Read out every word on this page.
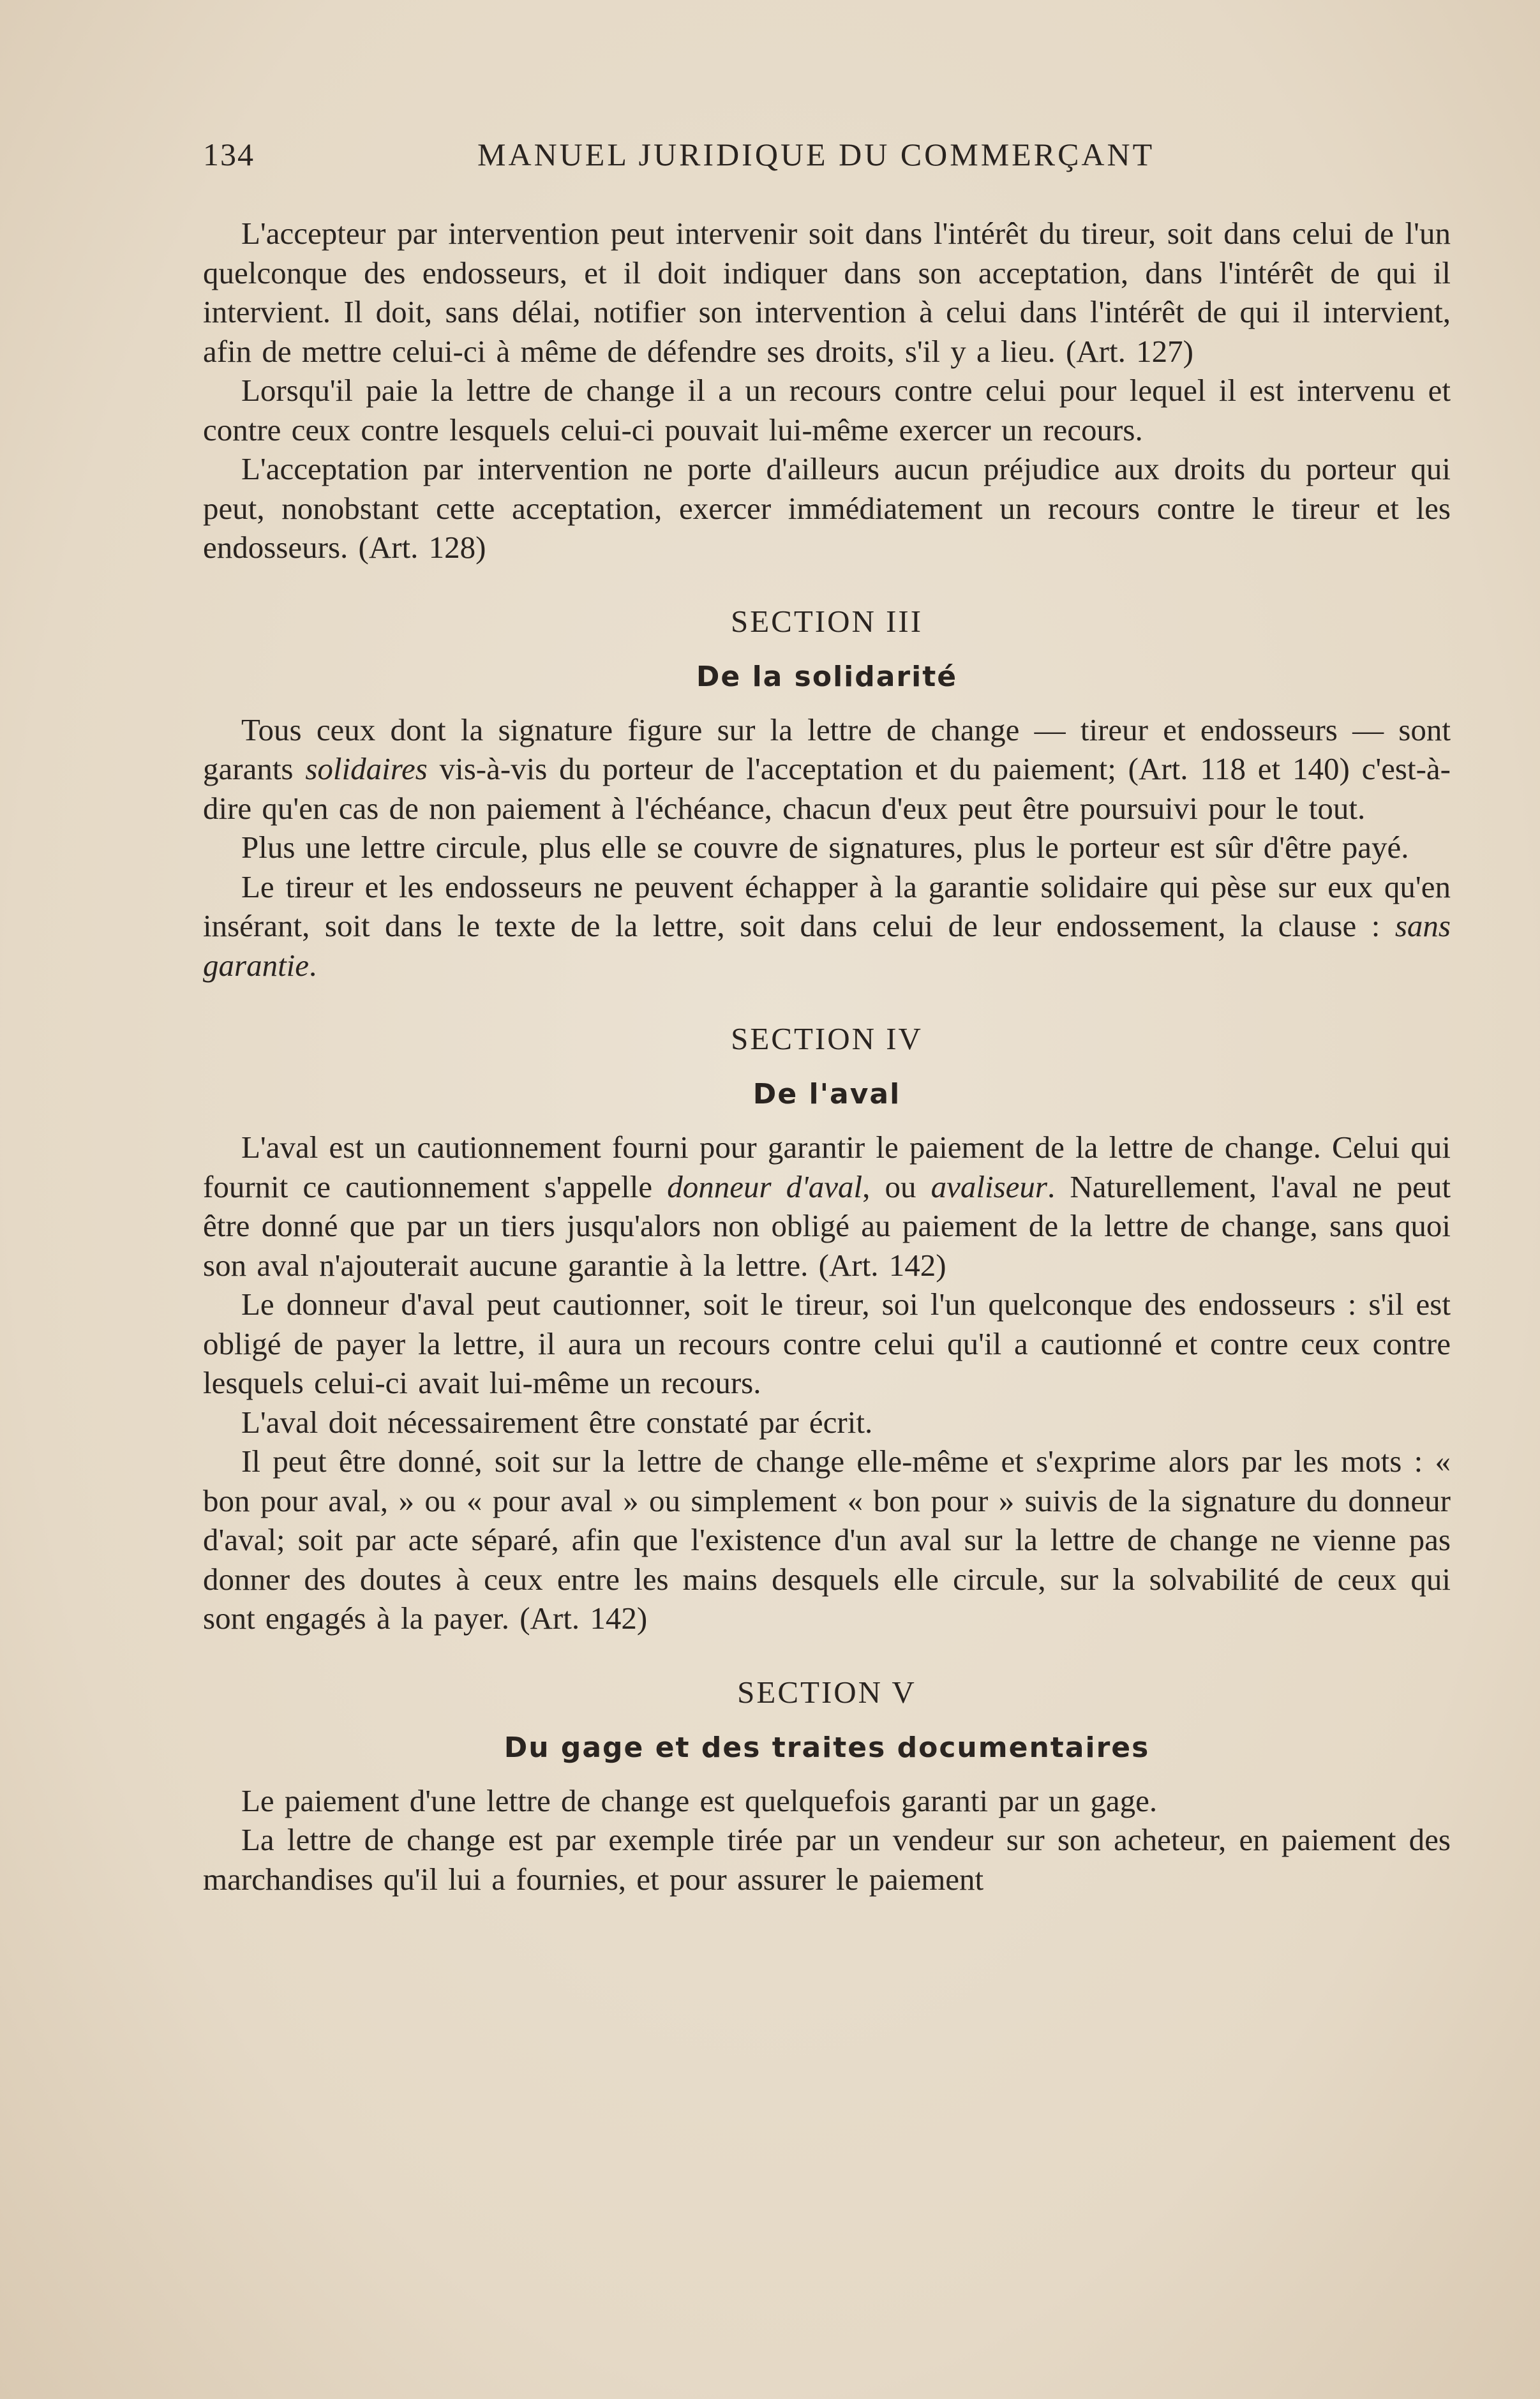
134	MANUEL JURIDIQUE DU COMMERÇANT

L'accepteur par intervention peut intervenir soit dans l'intérêt du tireur, soit dans celui de l'un quelconque des endosseurs, et il doit indiquer dans son acceptation, dans l'intérêt de qui il intervient. Il doit, sans délai, notifier son intervention à celui dans l'intérêt de qui il intervient, afin de mettre celui-ci à même de défendre ses droits, s'il y a lieu. (Art. 127)

Lorsqu'il paie la lettre de change il a un recours contre celui pour lequel il est intervenu et contre ceux contre lesquels celui-ci pouvait lui-même exercer un recours.

L'acceptation par intervention ne porte d'ailleurs aucun préjudice aux droits du porteur qui peut, nonobstant cette acceptation, exercer immédiatement un recours contre le tireur et les endosseurs. (Art. 128)

SECTION III
De la solidarité

Tous ceux dont la signature figure sur la lettre de change — tireur et endosseurs — sont garants solidaires vis-à-vis du porteur de l'acceptation et du paiement; (Art. 118 et 140) c'est-à-dire qu'en cas de non paiement à l'échéance, chacun d'eux peut être poursuivi pour le tout.

Plus une lettre circule, plus elle se couvre de signatures, plus le porteur est sûr d'être payé.

Le tireur et les endosseurs ne peuvent échapper à la garantie solidaire qui pèse sur eux qu'en insérant, soit dans le texte de la lettre, soit dans celui de leur endossement, la clause : sans garantie.

SECTION IV
De l'aval

L'aval est un cautionnement fourni pour garantir le paiement de la lettre de change. Celui qui fournit ce cautionnement s'appelle donneur d'aval, ou avaliseur. Naturellement, l'aval ne peut être donné que par un tiers jusqu'alors non obligé au paiement de la lettre de change, sans quoi son aval n'ajouterait aucune garantie à la lettre. (Art. 142)

Le donneur d'aval peut cautionner, soit le tireur, soi l'un quelconque des endosseurs : s'il est obligé de payer la lettre, il aura un recours contre celui qu'il a cautionné et contre ceux contre lesquels celui-ci avait lui-même un recours.

L'aval doit nécessairement être constaté par écrit.

Il peut être donné, soit sur la lettre de change elle-même et s'exprime alors par les mots : « bon pour aval, » ou « pour aval » ou simplement « bon pour » suivis de la signature du donneur d'aval; soit par acte séparé, afin que l'existence d'un aval sur la lettre de change ne vienne pas donner des doutes à ceux entre les mains desquels elle circule, sur la solvabilité de ceux qui sont engagés à la payer. (Art. 142)

SECTION V
Du gage et des traites documentaires

Le paiement d'une lettre de change est quelquefois garanti par un gage.

La lettre de change est par exemple tirée par un vendeur sur son acheteur, en paiement des marchandises qu'il lui a fournies, et pour assurer le paiement
